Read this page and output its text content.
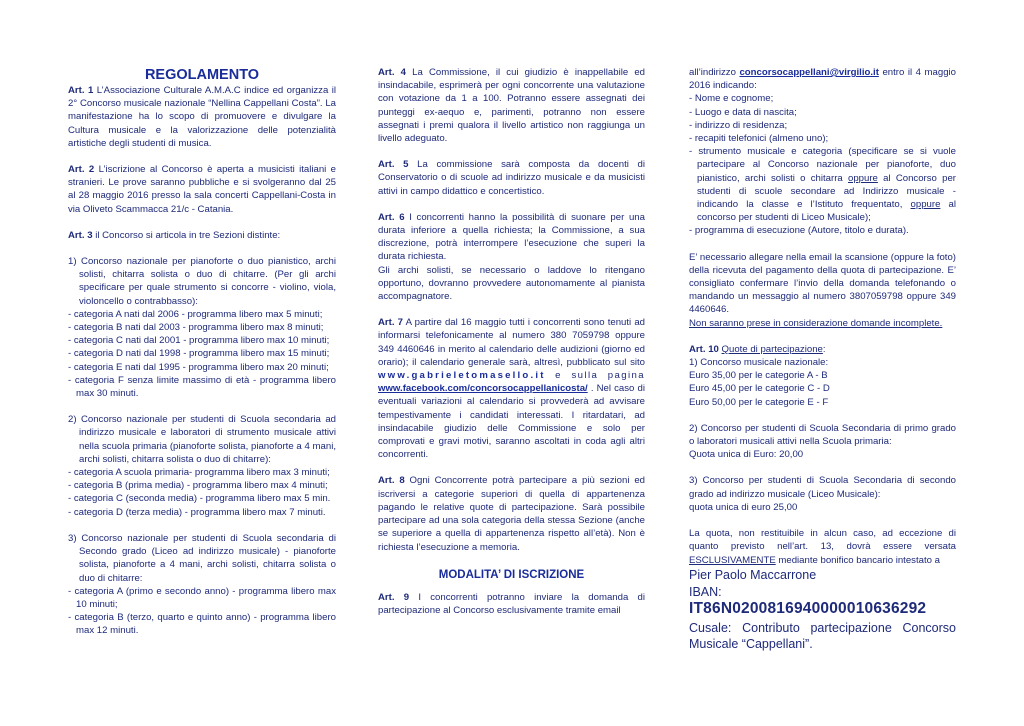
REGOLAMENTO

Art. 1 L’Associazione Culturale A.M.A.C indice ed organizza il 2° Concorso musicale nazionale “Nellina Cappellani Costa”. La manifestazione ha lo scopo di promuovere e divulgare la Cultura musicale e la valorizzazione delle potenzialità artistiche degli studenti di musica.

Art. 2 L’iscrizione al Concorso è aperta a musicisti italiani e stranieri. Le prove saranno pubbliche e si svolgeranno dal 25 al 28 maggio 2016 presso la sala concerti Cappellani-Costa in via Oliveto Scammacca 21/c - Catania.

Art. 3 il Concorso si articola in tre Sezioni distinte:

1) Concorso nazionale per pianoforte o duo pianistico, archi solisti, chitarra solista o duo di chitarre. (Per gli archi specificare per quale strumento si concorre - violino, viola, violoncello o contrabbasso):
- categoria A nati dal 2006 - programma libero max 5 minuti;
- categoria B nati dal 2003 - programma libero max 8 minuti;
- categoria C nati dal 2001 - programma libero max 10 minuti;
- categoria D nati dal 1998 - programma libero max 15 minuti;
- categoria E nati dal 1995 - programma libero max 20 minuti;
- categoria F senza limite massimo di età - programma libero max 30 minuti.

2) Concorso nazionale per studenti di Scuola secondaria ad indirizzo musicale e laboratori di strumento musicale attivi nella scuola primaria (pianoforte solista, pianoforte a 4 mani, archi solisti, chitarra solista o duo di chitarre):
- categoria A scuola primaria- programma libero max 3 minuti;
- categoria B (prima media) - programma libero max 4 minuti;
- categoria C (seconda media) - programma libero max 5 min.
- categoria D (terza media) - programma libero max 7 minuti.

3) Concorso nazionale per studenti di Scuola secondaria di Secondo grado (Liceo ad indirizzo musicale) - pianoforte solista, pianoforte a 4 mani, archi solisti, chitarra solista o duo di chitarre:
- categoria A (primo e secondo anno) - programma libero max 10 minuti;
- categoria B (terzo, quarto e quinto anno) - programma libero max 12 minuti.

Art. 4 La Commissione, il cui giudizio è inappellabile ed insindacabile, esprimerà per ogni concorrente una valutazione con votazione da 1 a 100. Potranno essere assegnati dei punteggi ex-aequo e, parimenti, potranno non essere assegnati i premi qualora il livello artistico non raggiunga un livello adeguato.

Art. 5 La commissione sarà composta da docenti di Conservatorio o di scuole ad indirizzo musicale e da musicisti attivi in campo didattico e concertistico.

Art. 6 I concorrenti hanno la possibilità di suonare per una durata inferiore a quella richiesta; la Commissione, a sua discrezione, potrà interrompere l’esecuzione che superi la durata richiesta.
Gli archi solisti, se necessario o laddove lo ritengano opportuno, dovranno provvedere autonomamente al pianista accompagnatore.

Art. 7 A partire dal 16 maggio tutti i concorrenti sono tenuti ad informarsi telefonicamente al numero 380 7059798 oppure 349 4460646 in merito al calendario delle audizioni (giorno ed orario); il calendario generale sarà, altresì, pubblicato sul sito www.gabrieletomasello.it e sulla pagina www.facebook.com/concorsocappellanicosta/ . Nel caso di eventuali variazioni al calendario si provvederà ad avvisare tempestivamente i candidati interessati. I ritardatari, ad insindacabile giudizio delle Commissione e solo per comprovati e gravi motivi, saranno ascoltati in coda agli altri concorrenti.

Art. 8 Ogni Concorrente potrà partecipare a più sezioni ed iscriversi a categorie superiori di quella di appartenenza pagando le relative quote di partecipazione. Sarà possibile partecipare ad una sola categoria della stessa Sezione (anche se superiore a quella di appartenenza rispetto all’età). Non è richiesta l’esecuzione a memoria.

MODALITA’ DI ISCRIZIONE

Art. 9 I concorrenti potranno inviare la domanda di partecipazione al Concorso esclusivamente tramite email

all’indirizzo concorsocappellani@virgilio.it entro il 4 maggio 2016 indicando:

- Nome e cognome;
- Luogo e data di nascita;
- indirizzo di residenza;
- recapiti telefonici (almeno uno);
- strumento musicale e categoria (specificare se si vuole partecipare al Concorso nazionale per pianoforte, duo pianistico, archi solisti o chitarra oppure al Concorso per studenti di scuole secondare ad Indirizzo musicale - indicando la classe e l’Istituto frequentato, oppure al concorso per studenti di Liceo Musicale);
- programma di esecuzione (Autore, titolo e durata).

E’ necessario allegare nella email la scansione (oppure la foto) della ricevuta del pagamento della quota di partecipazione. E’ consigliato confermare l’invio della domanda telefonando o mandando un messaggio al numero 3807059798 oppure 349 4460646.
Non saranno prese in considerazione domande incomplete.

Art. 10 Quote di partecipazione:

1) Concorso musicale nazionale:
Euro 35,00 per le categorie A - B
Euro 45,00 per le categorie C - D
Euro 50,00 per le categorie E - F

2) Concorso per studenti di Scuola Secondaria di primo grado o laboratori musicali attivi nella Scuola primaria:
Quota unica di Euro: 20,00

3) Concorso per studenti di Scuola Secondaria di secondo grado ad indirizzo musicale (Liceo Musicale):
quota unica di euro 25,00

La quota, non restituibile in alcun caso, ad eccezione di quanto previsto nell’art. 13, dovrà essere versata ESCLUSIVAMENTE mediante bonifico bancario intestato a

Pier Paolo Maccarrone
IBAN: IT86N0200816940000010636292
Cusale: Contributo partecipazione Concorso Musicale “Cappellani”.
